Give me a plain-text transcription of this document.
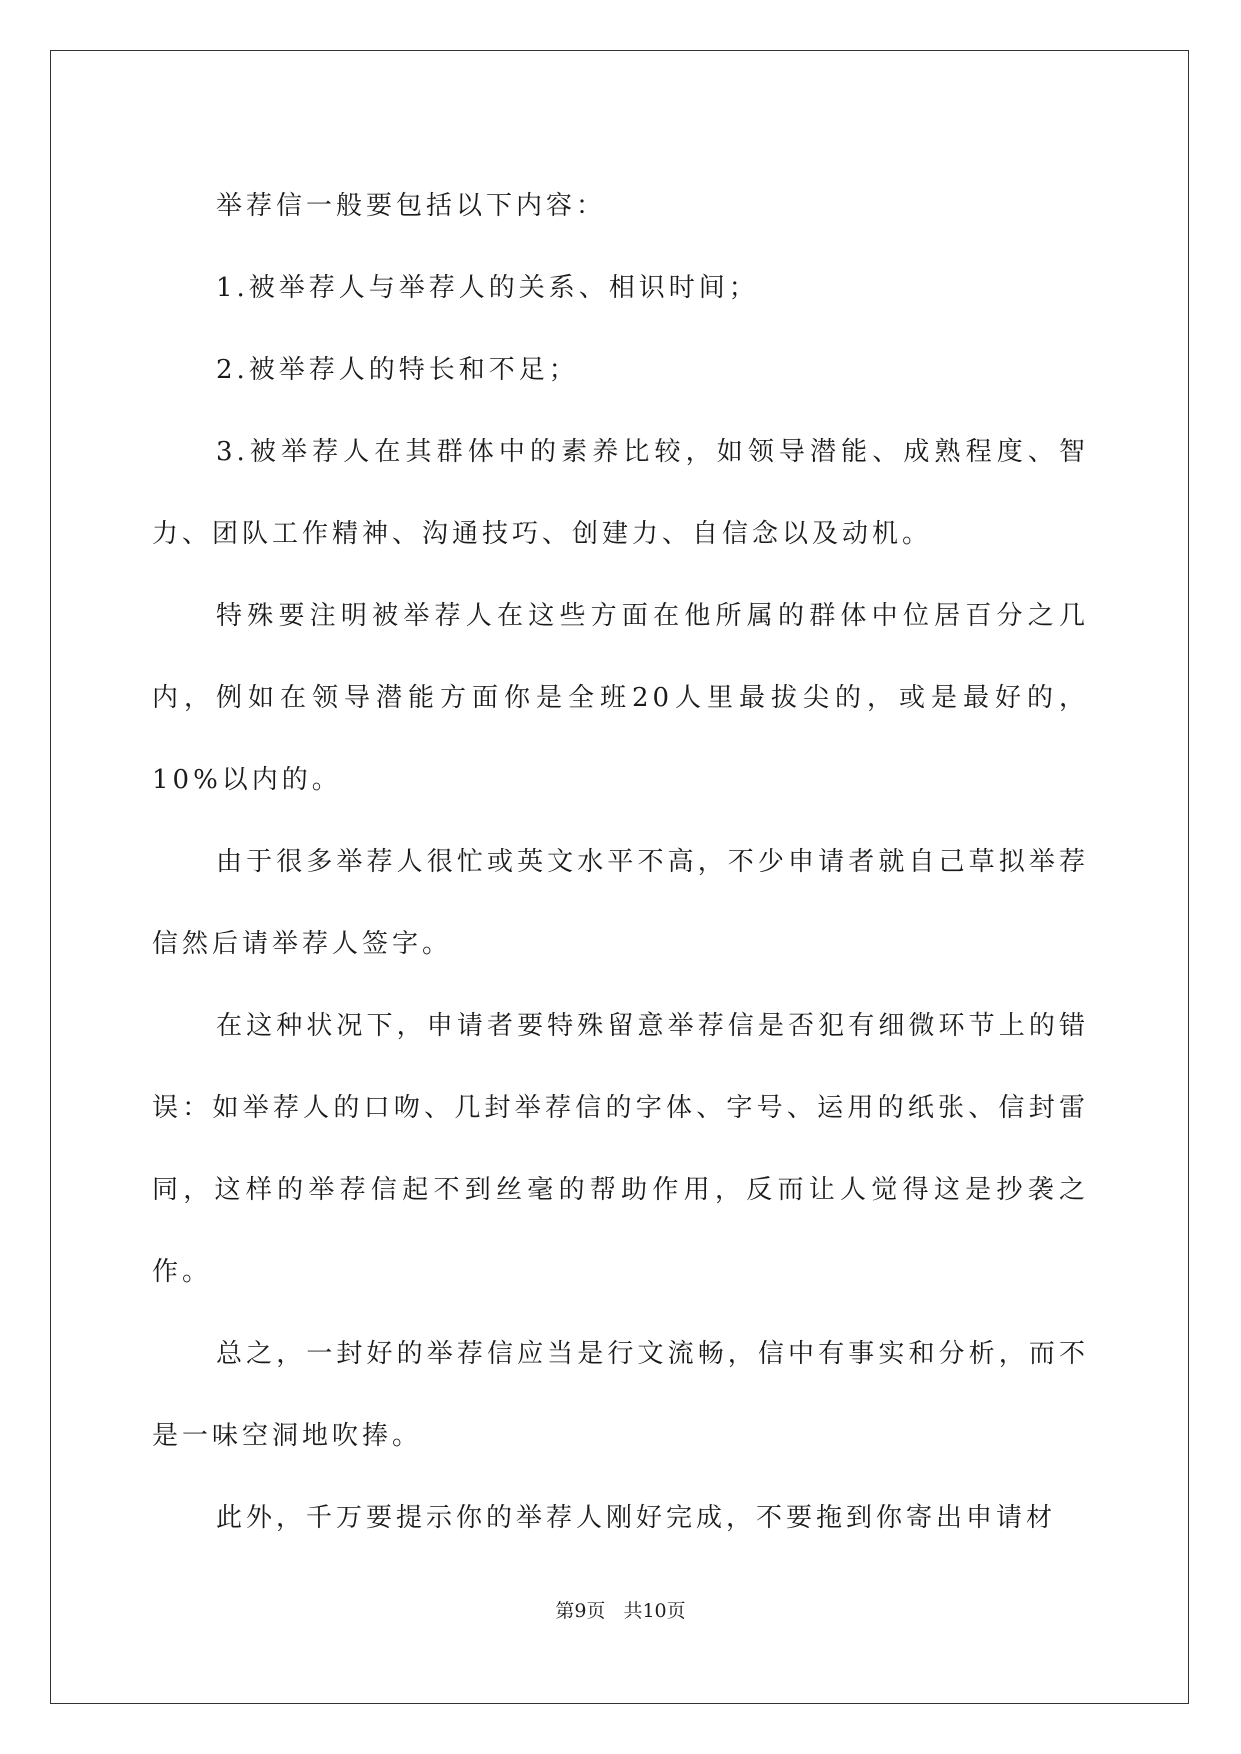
举荐信一般要包括以下内容：

1.被举荐人与举荐人的关系、相识时间；

2.被举荐人的特长和不足；

3.被举荐人在其群体中的素养比较，如领导潜能、成熟程度、智力、团队工作精神、沟通技巧、创建力、自信念以及动机。

特殊要注明被举荐人在这些方面在他所属的群体中位居百分之几内，例如在领导潜能方面你是全班20人里最拔尖的，或是最好的，10%以内的。

由于很多举荐人很忙或英文水平不高，不少申请者就自己草拟举荐信然后请举荐人签字。

在这种状况下，申请者要特殊留意举荐信是否犯有细微环节上的错误：如举荐人的口吻、几封举荐信的字体、字号、运用的纸张、信封雷同，这样的举荐信起不到丝毫的帮助作用，反而让人觉得这是抄袭之作。

总之，一封好的举荐信应当是行文流畅，信中有事实和分析，而不是一味空洞地吹捧。

此外，千万要提示你的举荐人刚好完成，不要拖到你寄出申请材

第9页 共10页
